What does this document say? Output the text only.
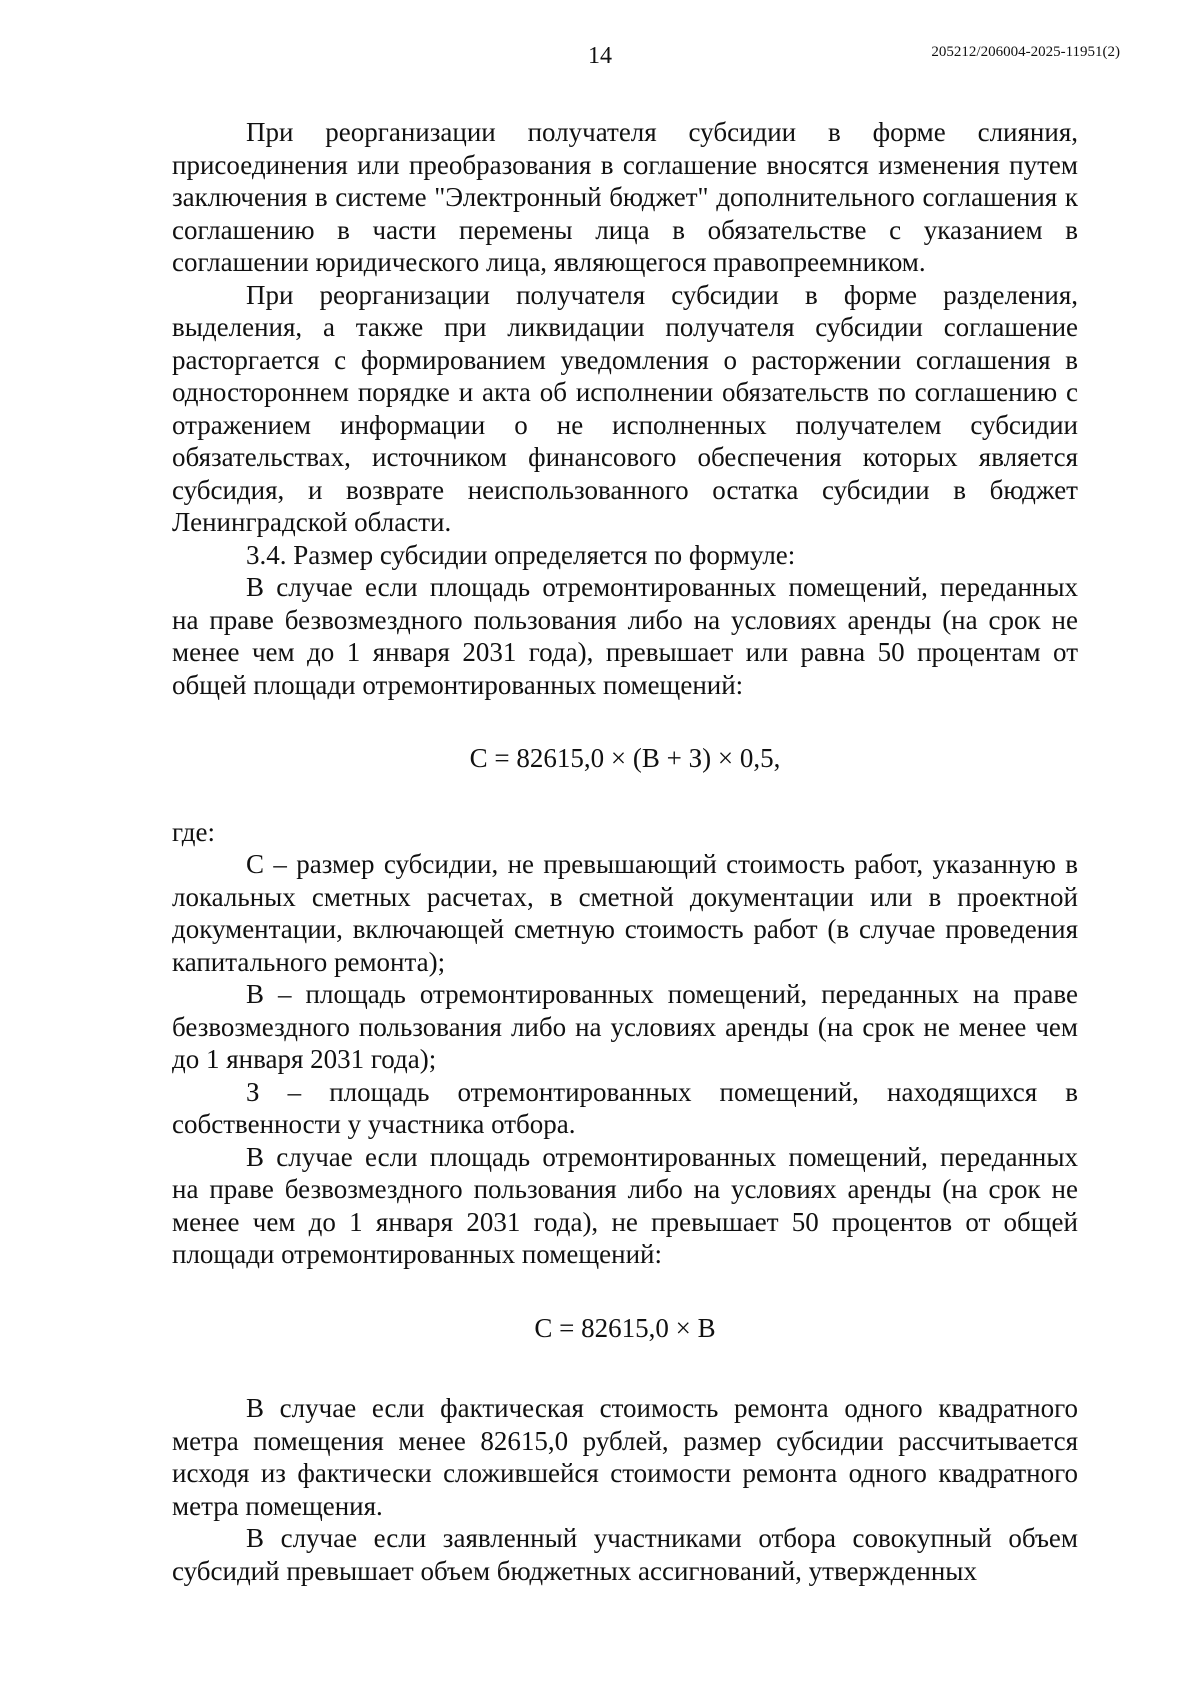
14	205212/206004-2025-11951(2)

При реорганизации получателя субсидии в форме слияния, присоединения или преобразования в соглашение вносятся изменения путем заключения в системе "Электронный бюджет" дополнительного соглашения к соглашению в части перемены лица в обязательстве с указанием в соглашении юридического лица, являющегося правопреемником.

При реорганизации получателя субсидии в форме разделения, выделения, а также при ликвидации получателя субсидии соглашение расторгается с формированием уведомления о расторжении соглашения в одностороннем порядке и акта об исполнении обязательств по соглашению с отражением информации о не исполненных получателем субсидии обязательствах, источником финансового обеспечения которых является субсидия, и возврате неиспользованного остатка субсидии в бюджет Ленинградской области.

3.4. Размер субсидии определяется по формуле:

В случае если площадь отремонтированных помещений, переданных на праве безвозмездного пользования либо на условиях аренды (на срок не менее чем до 1 января 2031 года), превышает или равна 50 процентам от общей площади отремонтированных помещений:

С = 82615,0 × (В + З) × 0,5,

где:

С – размер субсидии, не превышающий стоимость работ, указанную в локальных сметных расчетах, в сметной документации или в проектной документации, включающей сметную стоимость работ (в случае проведения капитального ремонта);

В – площадь отремонтированных помещений, переданных на праве безвозмездного пользования либо на условиях аренды (на срок не менее чем до 1 января 2031 года);

З – площадь отремонтированных помещений, находящихся в собственности у участника отбора.

В случае если площадь отремонтированных помещений, переданных на праве безвозмездного пользования либо на условиях аренды (на срок не менее чем до 1 января 2031 года), не превышает 50 процентов от общей площади отремонтированных помещений:

С = 82615,0 × В

В случае если фактическая стоимость ремонта одного квадратного метра помещения менее 82615,0 рублей, размер субсидии рассчитывается исходя из фактически сложившейся стоимости ремонта одного квадратного метра помещения.

В случае если заявленный участниками отбора совокупный объем субсидий превышает объем бюджетных ассигнований, утвержденных
